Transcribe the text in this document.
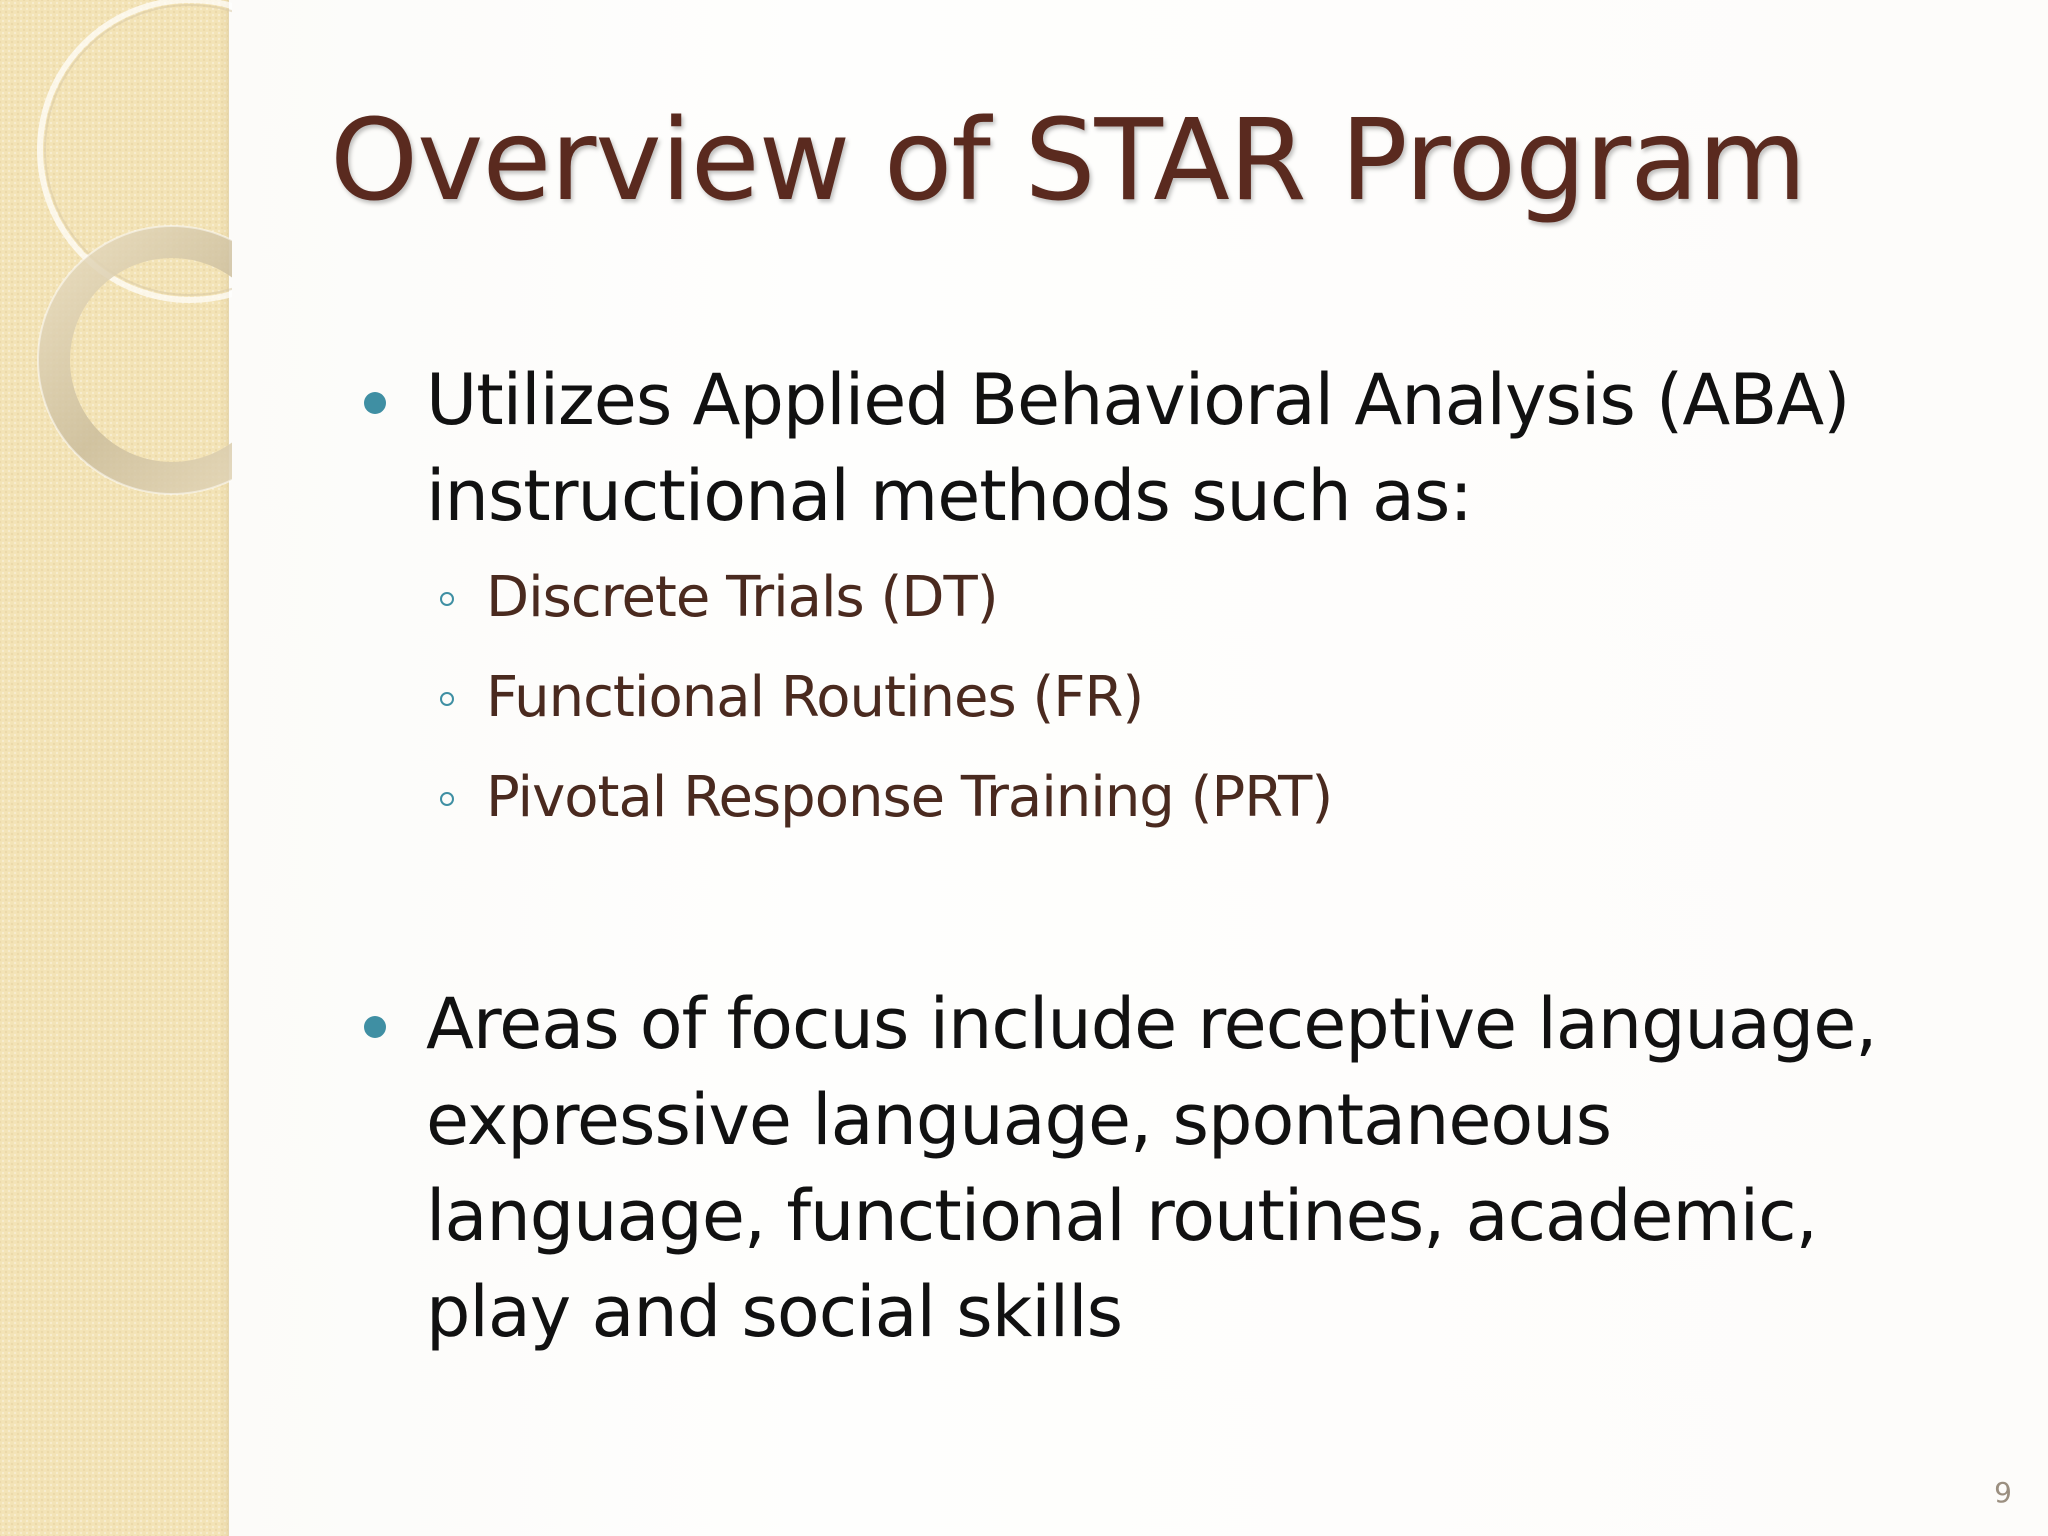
Overview of STAR Program
Utilizes Applied Behavioral Analysis (ABA) instructional methods such as:
Discrete Trials (DT)
Functional Routines (FR)
Pivotal Response Training (PRT)
Areas of focus include receptive language, expressive language, spontaneous language, functional routines, academic, play and social skills
9
